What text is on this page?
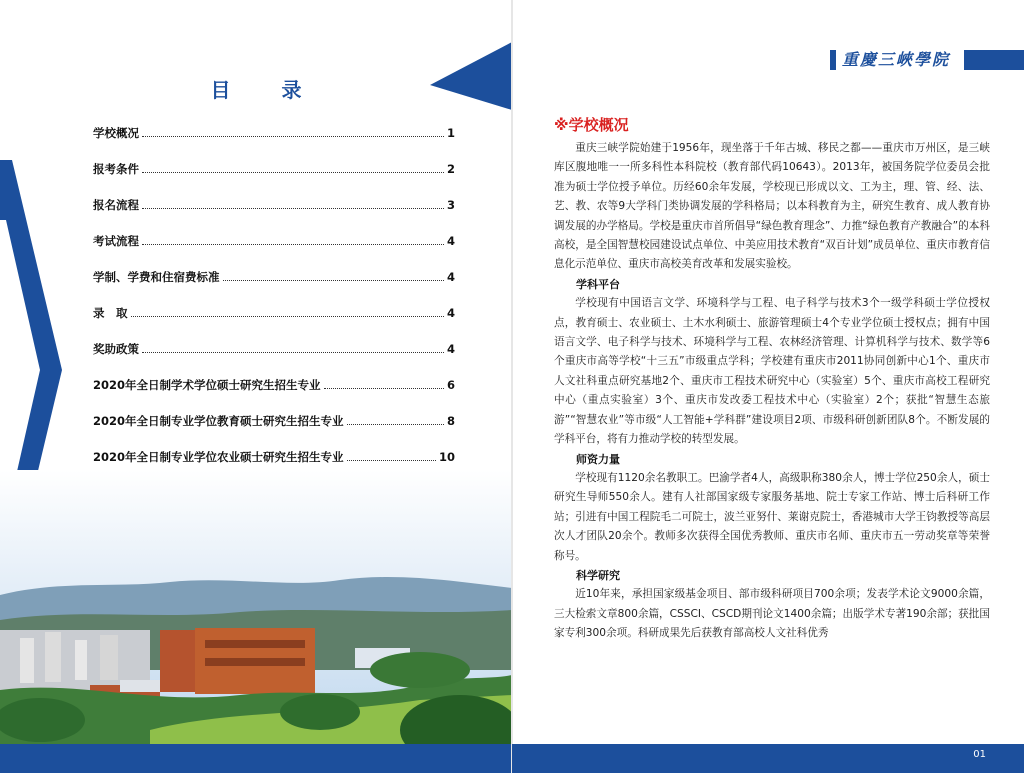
目 录
学校概况	1
报考条件	2
报名流程	3
考试流程	4
学制、学费和住宿费标准	4
录　取	4
奖助政策	4
2020年全日制学术学位硕士研究生招生专业	6
2020年全日制专业学位教育硕士研究生招生专业	8
2020年全日制专业学位农业硕士研究生招生专业	10
重慶三峽學院
※学校概况

重庆三峡学院始建于1956年，现坐落于千年古城、移民之都——重庆市万州区，是三峡库区腹地唯一一所多科性本科院校（教育部代码10643）。2013年，被国务院学位委员会批准为硕士学位授予单位。历经60余年发展，学校现已形成以文、工为主，理、管、经、法、艺、教、农等9大学科门类协调发展的学科格局；以本科教育为主，研究生教育、成人教育协调发展的办学格局。学校是重庆市首所倡导“绿色教育理念”、力推“绿色教育产教融合”的本科高校，是全国智慧校园建设试点单位、中美应用技术教育“双百计划”成员单位、重庆市教育信息化示范单位、重庆市高校美育改革和发展实验校。

学科平台

学校现有中国语言文学、环境科学与工程、电子科学与技术3个一级学科硕士学位授权点，教育硕士、农业硕士、土木水利硕士、旅游管理硕士4个专业学位硕士授权点；拥有中国语言文学、电子科学与技术、环境科学与工程、农林经济管理、计算机科学与技术、数学等6个重庆市高等学校“十三五”市级重点学科；学校建有重庆市2011协同创新中心1个、重庆市人文社科重点研究基地2个、重庆市工程技术研究中心（实验室）5个、重庆市高校工程研究中心（重点实验室）3个、重庆市发改委工程技术中心（实验室）2个；获批“智慧生态旅游”“智慧农业”等市级“人工智能+学科群”建设项目2项、市级科研创新团队8个。不断发展的学科平台，将有力推动学校的转型发展。

师资力量

学校现有1120余名教职工。巴渝学者4人，高级职称380余人，博士学位250余人，硕士研究生导师550余人。建有人社部国家级专家服务基地、院士专家工作站、博士后科研工作站；引进有中国工程院毛二可院士，波兰亚努什、莱谢克院士，香港城市大学王钧教授等高层次人才团队20余个。教师多次获得全国优秀教师、重庆市名师、重庆市五一劳动奖章等荣誉称号。

科学研究

近10年来，承担国家级基金项目、部市级科研项目700余项；发表学术论文9000余篇，三大检索文章800余篇，CSSCI、CSCD期刊论文1400余篇；出版学术专著190余部；获批国家专利300余项。科研成果先后获教育部高校人文社科优秀

01
